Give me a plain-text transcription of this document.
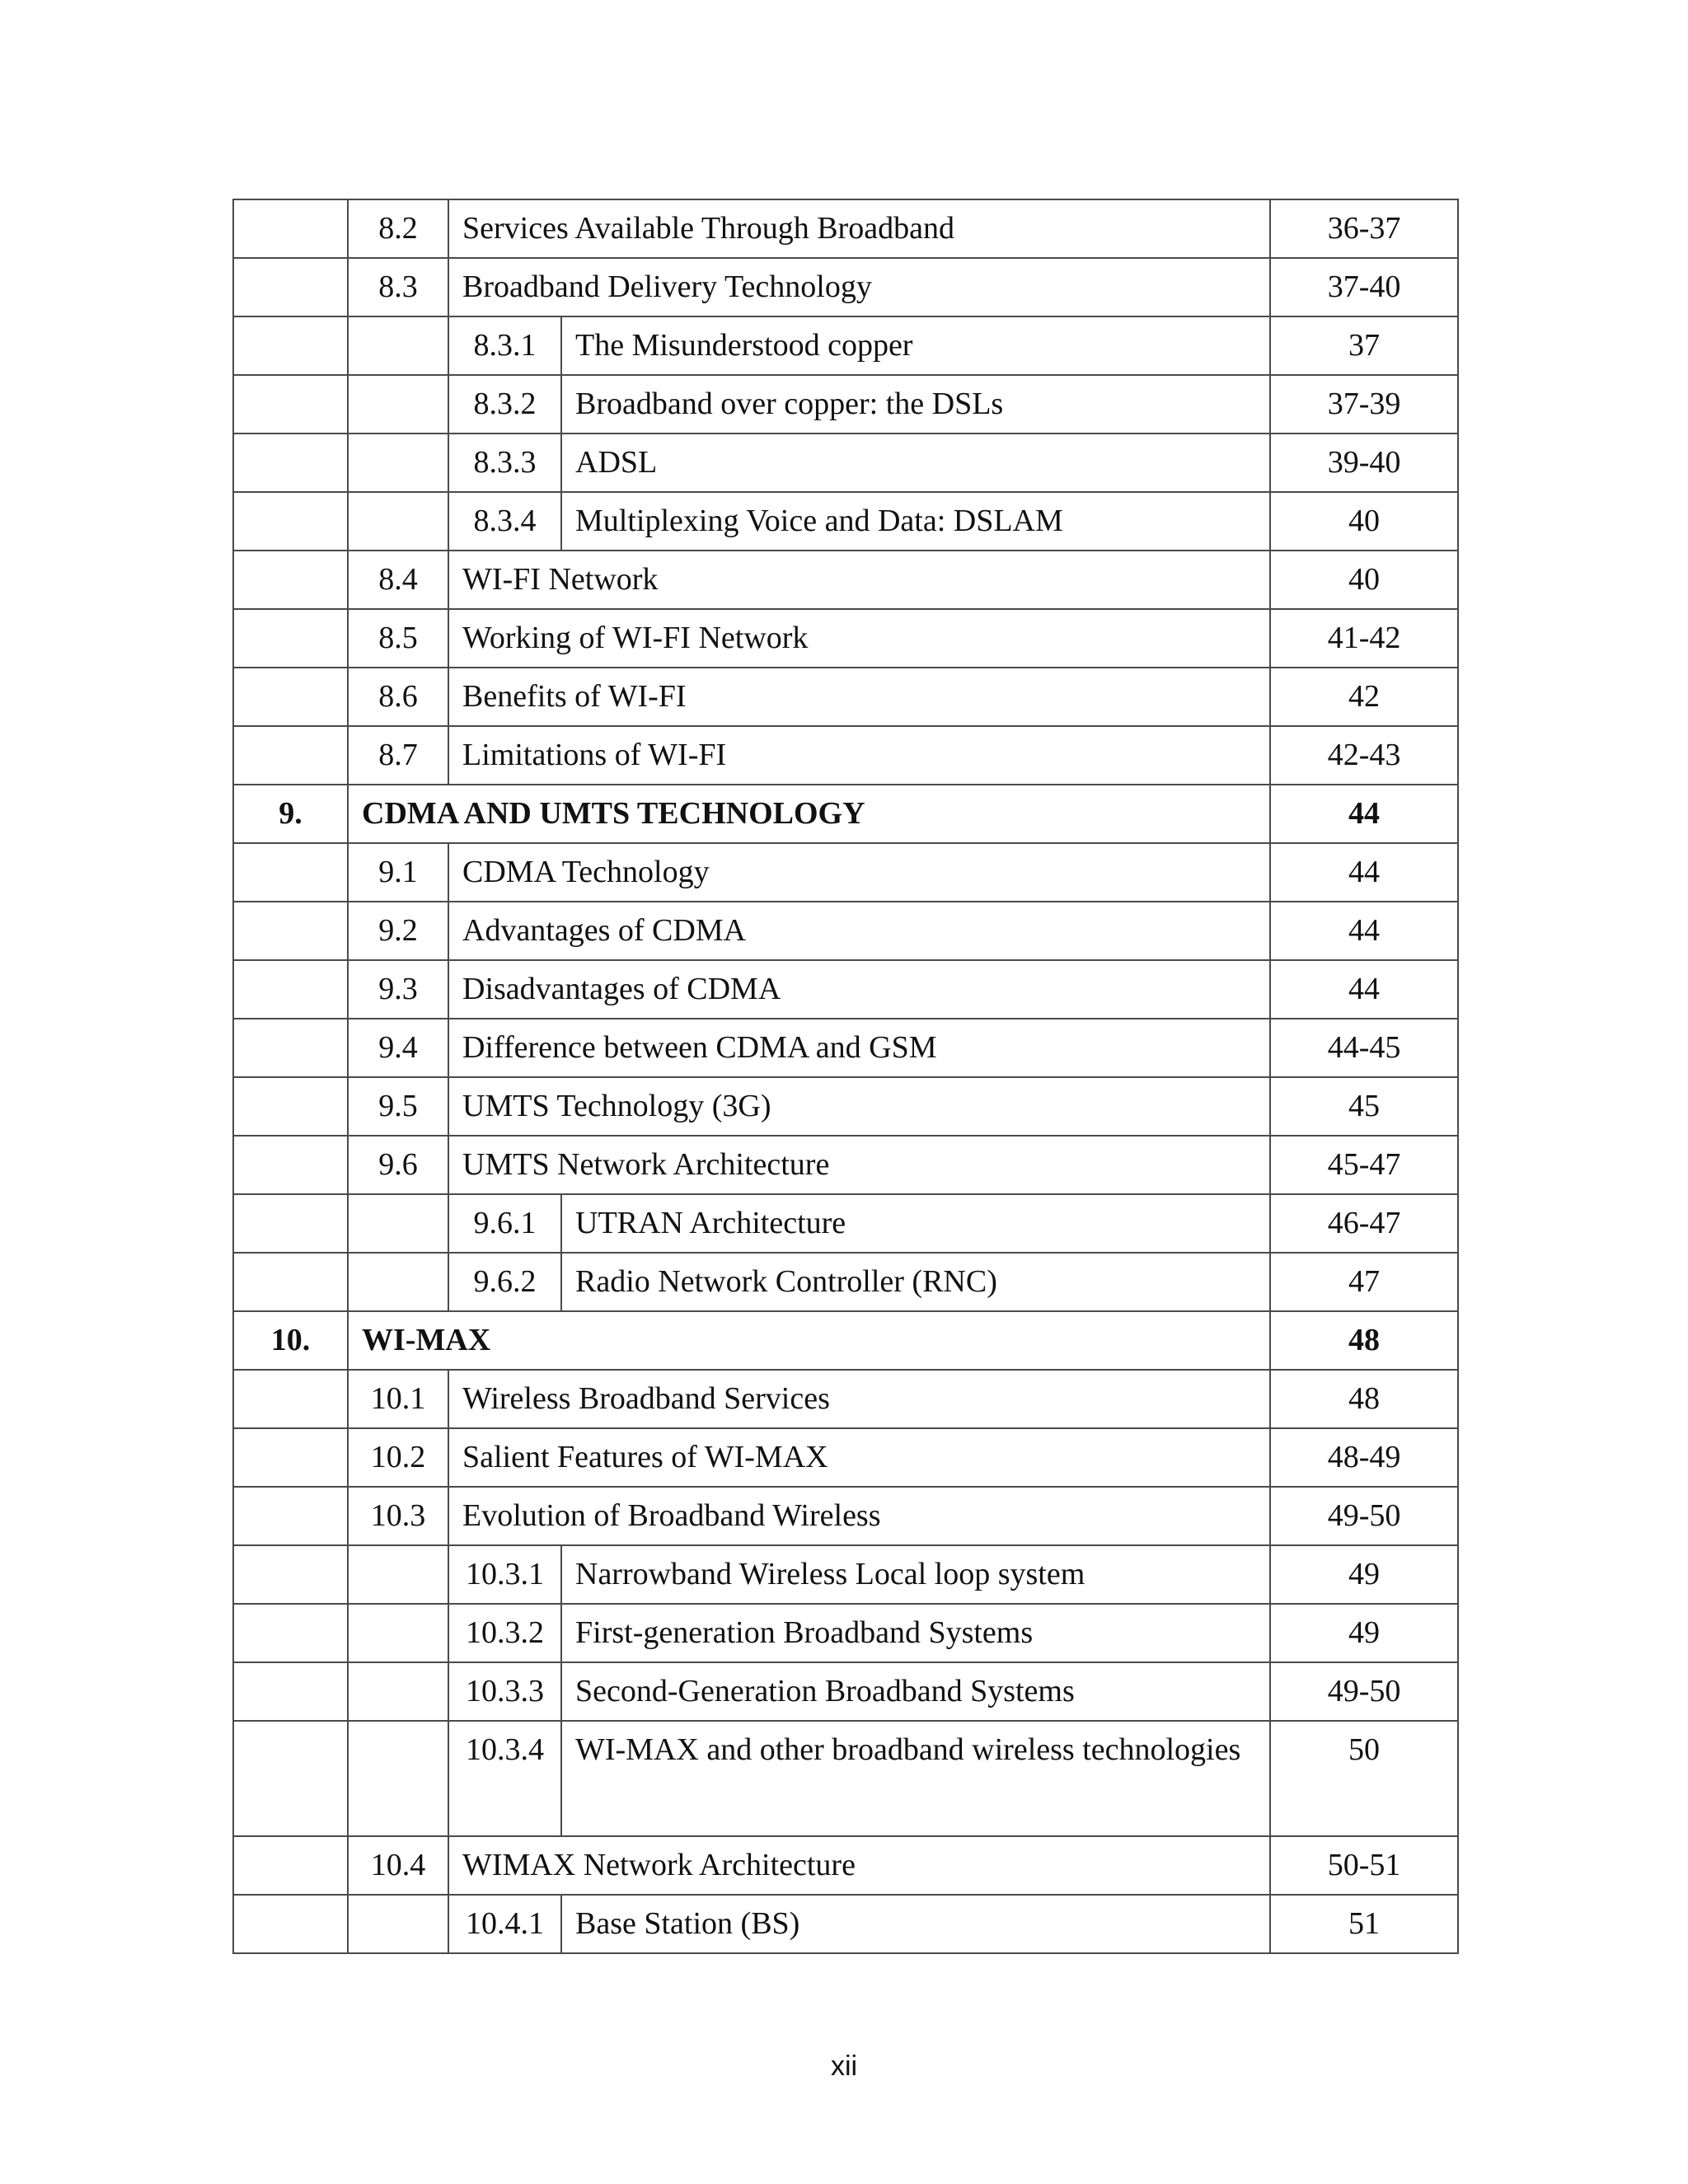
	8.2	Services Available Through Broadband		36-37
	8.3	Broadband Delivery Technology		37-40
		8.3.1	The Misunderstood copper	37
		8.3.2	Broadband over copper: the DSLs	37-39
		8.3.3	ADSL	39-40
		8.3.4	Multiplexing Voice and Data: DSLAM	40
	8.4	WI-FI Network		40
	8.5	Working of WI-FI Network		41-42
	8.6	Benefits of WI-FI		42
	8.7	Limitations of WI-FI		42-43
9.	CDMA AND UMTS TECHNOLOGY			44
	9.1	CDMA Technology		44
	9.2	Advantages of CDMA		44
	9.3	Disadvantages of CDMA		44
	9.4	Difference between CDMA and GSM		44-45
	9.5	UMTS Technology (3G)		45
	9.6	UMTS Network Architecture		45-47
		9.6.1	UTRAN Architecture	46-47
		9.6.2	Radio Network Controller (RNC)	47
10.	WI-MAX			48
	10.1	Wireless Broadband Services		48
	10.2	Salient Features of WI-MAX		48-49
	10.3	Evolution of Broadband Wireless		49-50
		10.3.1	Narrowband Wireless Local loop system	49
		10.3.2	First-generation Broadband Systems	49
		10.3.3	Second-Generation Broadband Systems	49-50
		10.3.4	WI-MAX and other broadband wireless technologies	50
	10.4	WIMAX Network Architecture		50-51
		10.4.1	Base Station (BS)	51
xii
